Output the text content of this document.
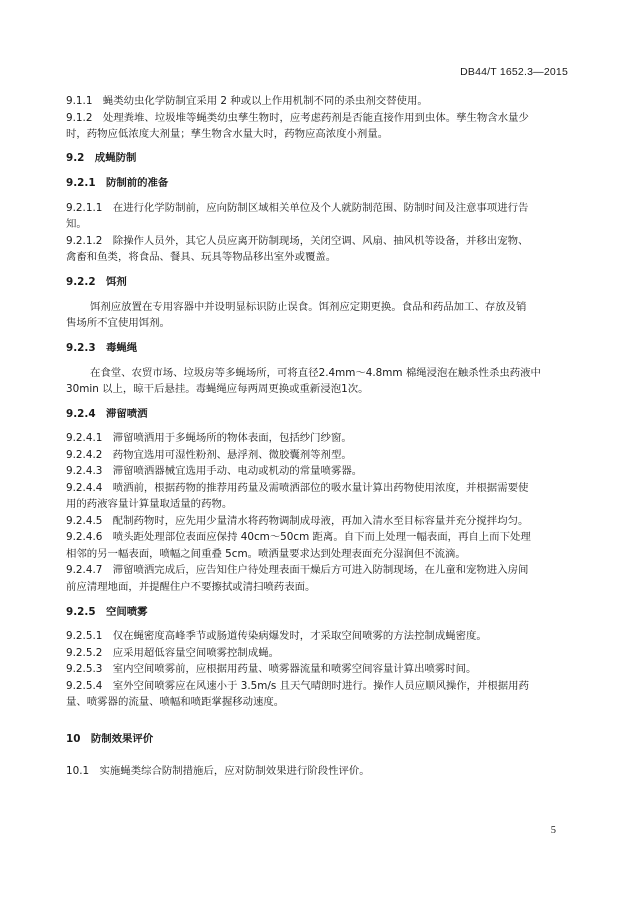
DB44/T 1652.3—2015
9.1.1　蝇类幼虫化学防制宜采用 2 种或以上作用机制不同的杀虫剂交替使用。
9.1.2　处理粪堆、垃圾堆等蝇类幼虫孳生物时，应考虑药剂是否能直接作用到虫体。孳生物含水量少
时，药物应低浓度大剂量；孳生物含水量大时，药物应高浓度小剂量。
9.2　成蝇防制
9.2.1　防制前的准备
9.2.1.1　在进行化学防制前，应向防制区域相关单位及个人就防制范围、防制时间及注意事项进行告
知。
9.2.1.2　除操作人员外，其它人员应离开防制现场，关闭空调、风扇、抽风机等设备，并移出宠物、
禽畜和鱼类，将食品、餐具、玩具等物品移出室外或覆盖。
9.2.2　饵剂
饵剂应放置在专用容器中并设明显标识防止误食。饵剂应定期更换。食品和药品加工、存放及销
售场所不宜使用饵剂。
9.2.3　毒蝇绳
在食堂、农贸市场、垃圾房等多蝇场所，可将直径2.4mm～4.8mm 棉绳浸泡在触杀性杀虫药液中
30min 以上，晾干后悬挂。毒蝇绳应每两周更换或重新浸泡1次。
9.2.4　滞留喷洒
9.2.4.1　滞留喷洒用于多蝇场所的物体表面，包括纱门纱窗。
9.2.4.2　药物宜选用可湿性粉剂、悬浮剂、微胶囊剂等剂型。
9.2.4.3　滞留喷洒器械宜选用手动、电动或机动的常量喷雾器。
9.2.4.4　喷洒前，根据药物的推荐用药量及需喷洒部位的吸水量计算出药物使用浓度，并根据需要使
用的药液容量计算量取适量的药物。
9.2.4.5　配制药物时，应先用少量清水将药物调制成母液，再加入清水至目标容量并充分搅拌均匀。
9.2.4.6　喷头距处理部位表面应保持 40cm～50cm 距离。自下而上处理一幅表面，再自上而下处理
相邻的另一幅表面，喷幅之间重叠 5cm。喷洒量要求达到处理表面充分湿润但不流滴。
9.2.4.7　滞留喷洒完成后，应告知住户待处理表面干燥后方可进入防制现场，在儿童和宠物进入房间
前应清理地面，并提醒住户不要擦拭或清扫喷药表面。
9.2.5　空间喷雾
9.2.5.1　仅在蝇密度高峰季节或肠道传染病爆发时，才采取空间喷雾的方法控制成蝇密度。
9.2.5.2　应采用超低容量空间喷雾控制成蝇。
9.2.5.3　室内空间喷雾前，应根据用药量、喷雾器流量和喷雾空间容量计算出喷雾时间。
9.2.5.4　室外空间喷雾应在风速小于 3.5m/s 且天气晴朗时进行。操作人员应顺风操作，并根据用药
量、喷雾器的流量、喷幅和喷距掌握移动速度。
10　防制效果评价
10.1　实施蝇类综合防制措施后，应对防制效果进行阶段性评价。
5
